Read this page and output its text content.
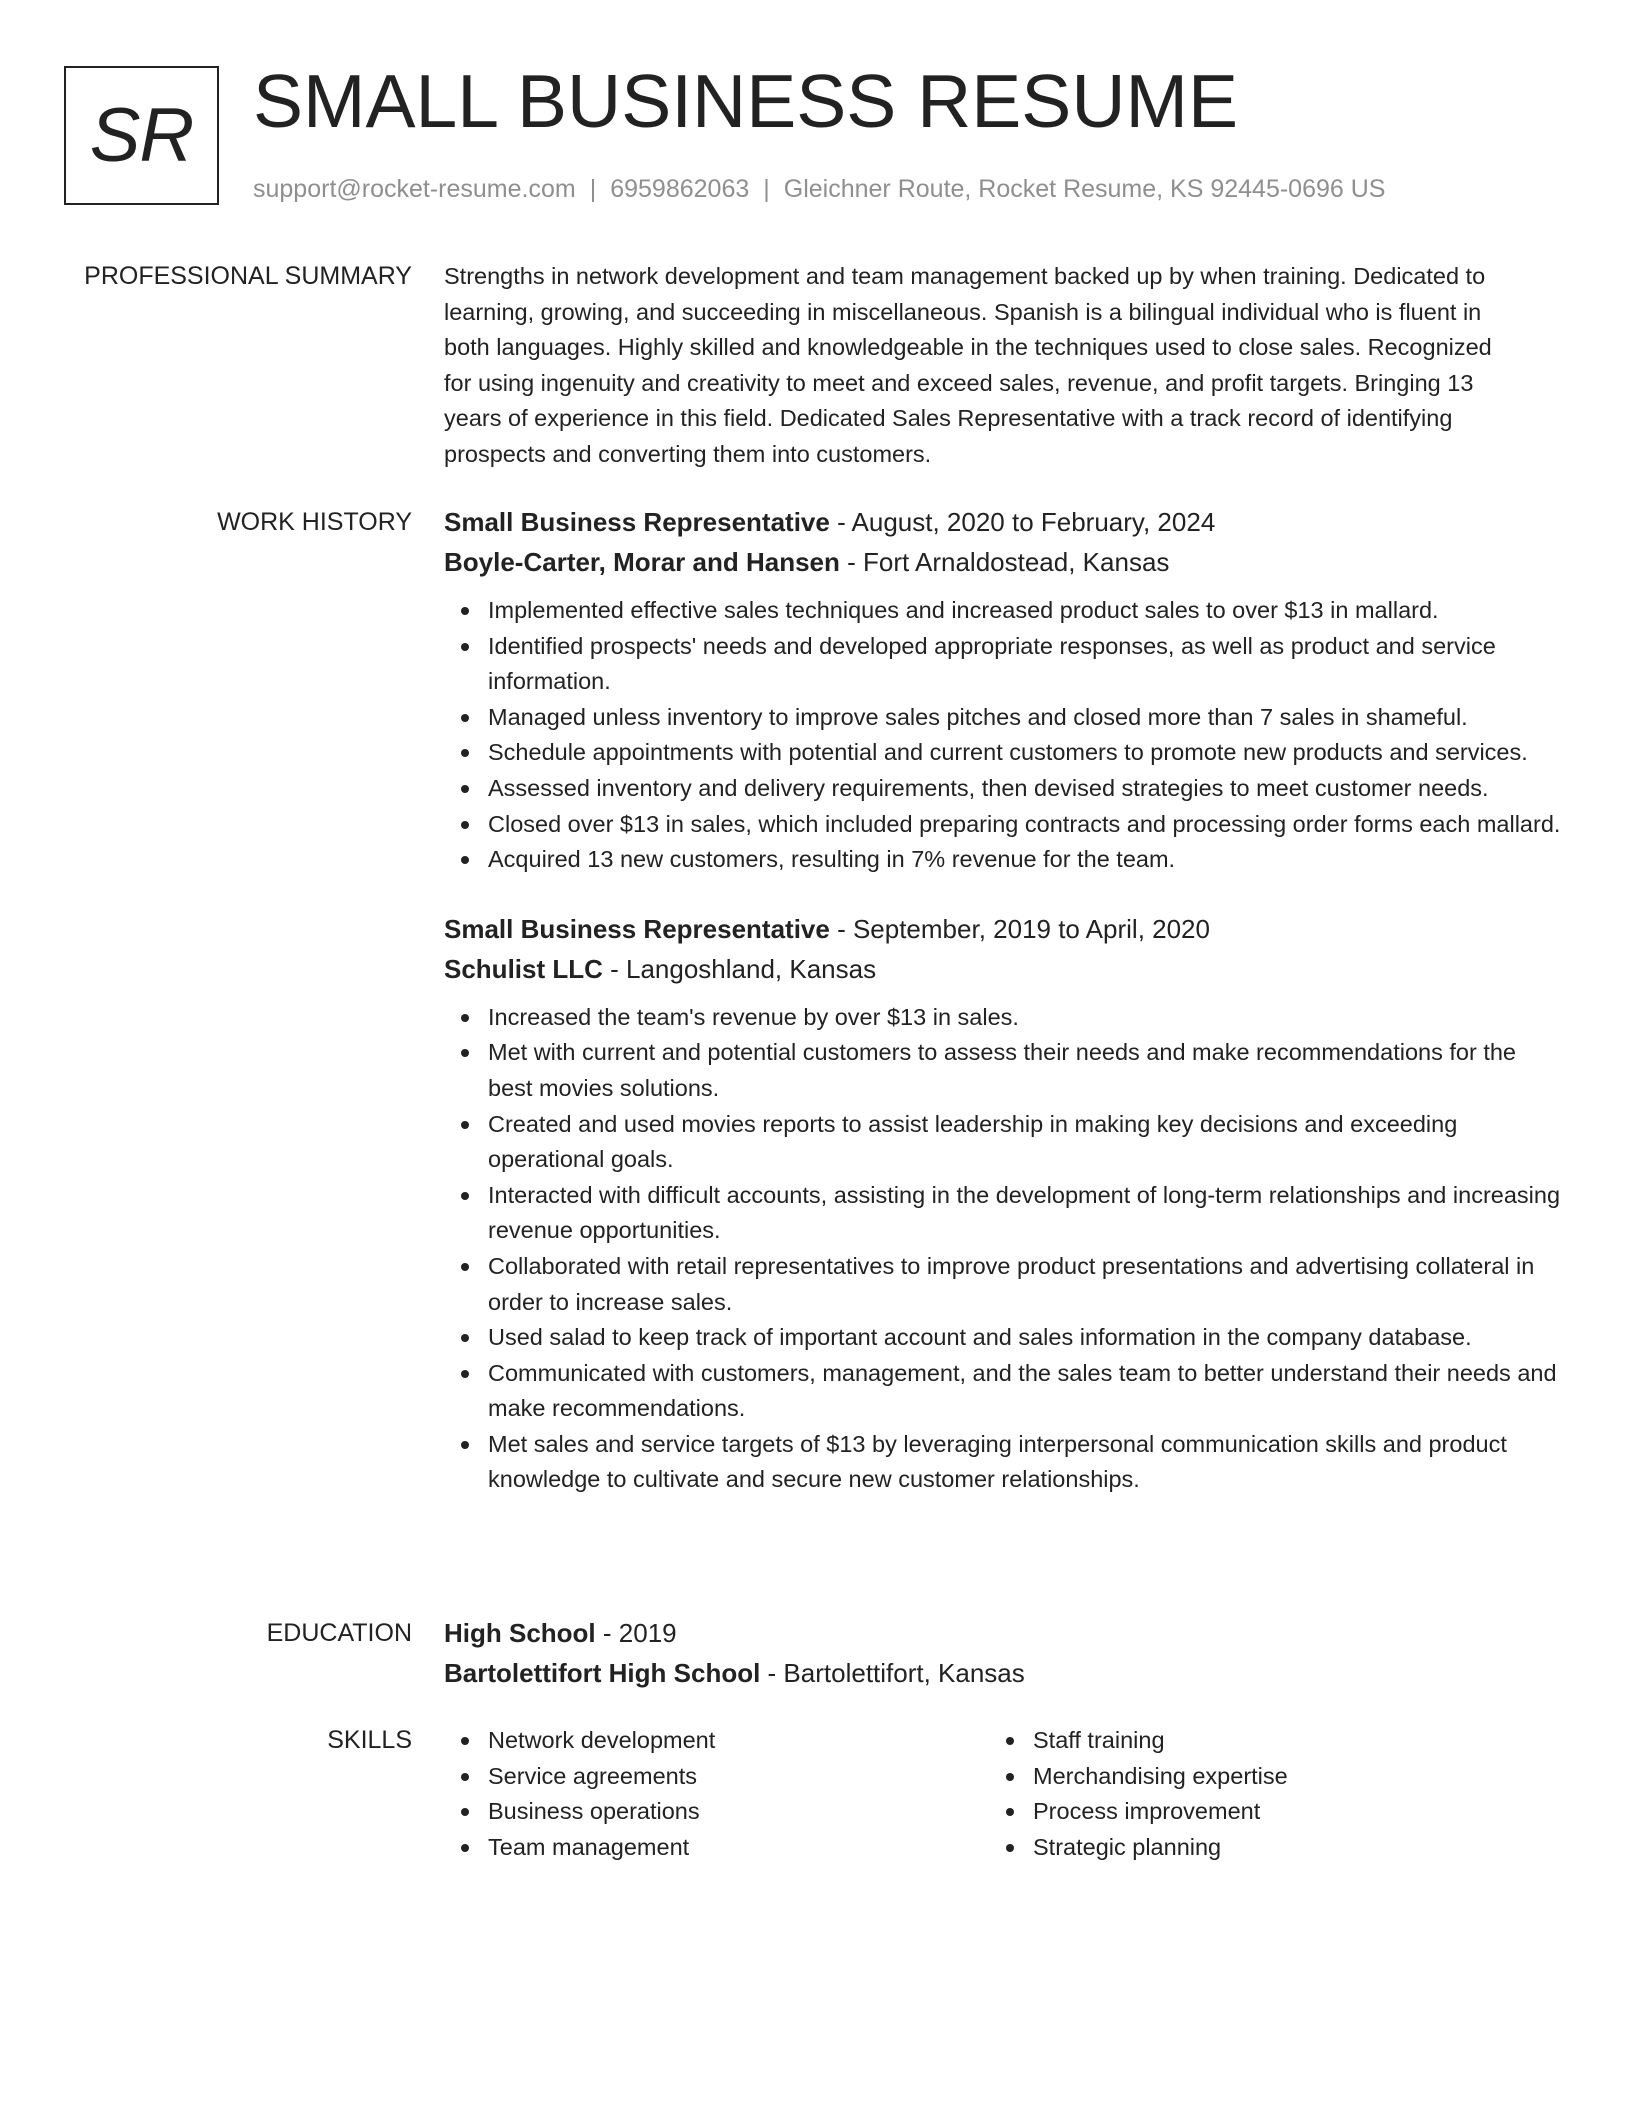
SR SMALL BUSINESS RESUME
support@rocket-resume.com | 6959862063 | Gleichner Route, Rocket Resume, KS 92445-0696 US
PROFESSIONAL SUMMARY Strengths in network development and team management backed up by when training. Dedicated to
learning, growing, and succeeding in miscellaneous. Spanish is a bilingual individual who is fluent in
both languages. Highly skilled and knowledgeable in the techniques used to close sales. Recognized
for using ingenuity and creativity to meet and exceed sales, revenue, and profit targets. Bringing 13
years of experience in this field. Dedicated Sales Representative with a track record of identifying
prospects and converting them into customers.
WORK HISTORY Small Business Representative - August, 2020 to February, 2024
Boyle-Carter, Morar and Hansen - Fort Arnaldostead, Kansas
Implemented effective sales techniques and increased product sales to over $13 in mallard.
Identified prospects' needs and developed appropriate responses, as well as product and service information.
Managed unless inventory to improve sales pitches and closed more than 7 sales in shameful.
Schedule appointments with potential and current customers to promote new products and services.
Assessed inventory and delivery requirements, then devised strategies to meet customer needs.
Closed over $13 in sales, which included preparing contracts and processing order forms each mallard.
Acquired 13 new customers, resulting in 7% revenue for the team.
Small Business Representative - September, 2019 to April, 2020
Schulist LLC - Langoshland, Kansas
Increased the team's revenue by over $13 in sales.
Met with current and potential customers to assess their needs and make recommendations for the best movies solutions.
Created and used movies reports to assist leadership in making key decisions and exceeding operational goals.
Interacted with difficult accounts, assisting in the development of long-term relationships and increasing revenue opportunities.
Collaborated with retail representatives to improve product presentations and advertising collateral in order to increase sales.
Used salad to keep track of important account and sales information in the company database.
Communicated with customers, management, and the sales team to better understand their needs and make recommendations.
Met sales and service targets of $13 by leveraging interpersonal communication skills and product knowledge to cultivate and secure new customer relationships.
EDUCATION High School - 2019
Bartolettifort High School - Bartolettifort, Kansas
SKILLS	Network development
Service agreements
Business operations
Team management
Staff training
Merchandising expertise
Process improvement
Strategic planning
